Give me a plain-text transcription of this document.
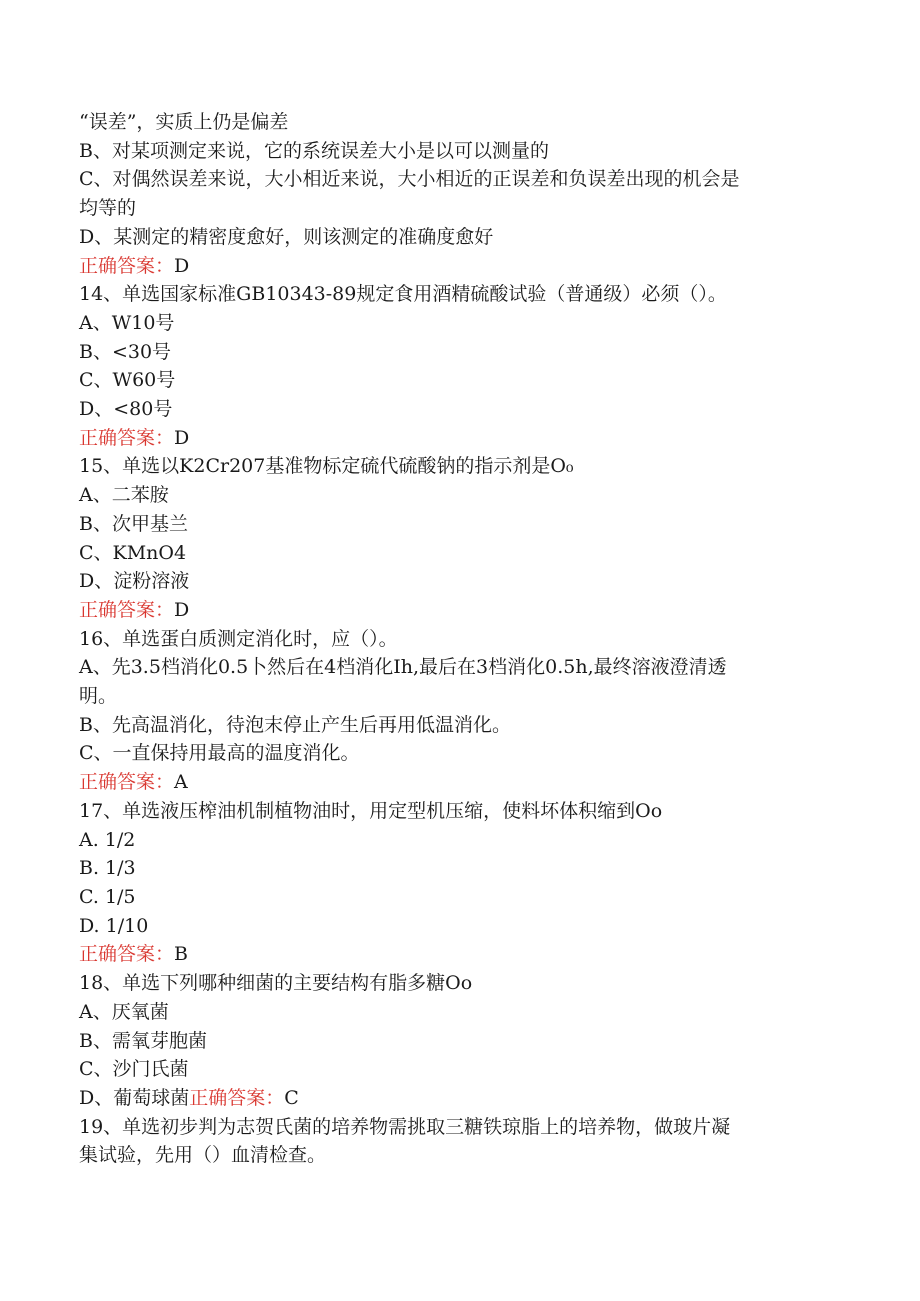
“误差”，实质上仍是偏差

B、对某项测定来说，它的系统误差大小是以可以测量的

C、对偶然误差来说，大小相近来说，大小相近的正误差和负误差出现的机会是

均等的

D、某测定的精密度愈好，则该测定的准确度愈好

正确答案：D

14、单选国家标准GB10343-89规定食用酒精硫酸试验（普通级）必须（）。

A、W10号

B、<30号

C、W60号

D、<80号

正确答案：D

15、单选以K2Cr207基准物标定硫代硫酸钠的指示剂是O₀

A、二苯胺

B、次甲基兰

C、KMnO4

D、淀粉溶液

正确答案：D

16、单选蛋白质测定消化时，应（）。

A、先3.5档消化0.5卜然后在4档消化Ih,最后在3档消化0.5h,最终溶液澄清透

明。

B、先高温消化，待泡末停止产生后再用低温消化。

C、一直保持用最高的温度消化。

正确答案：A

17、单选液压榨油机制植物油时，用定型机压缩，使料坏体积缩到Oo

A. 1/2

B. 1/3

C. 1/5

D. 1/10

正确答案：B

18、单选下列哪种细菌的主要结构有脂多糖Oo

A、厌氧菌

B、需氧芽胞菌

C、沙门氏菌

D、葡萄球菌正确答案：C

19、单选初步判为志贺氏菌的培养物需挑取三糖铁琼脂上的培养物，做玻片凝

集试验，先用（）血清检查。
